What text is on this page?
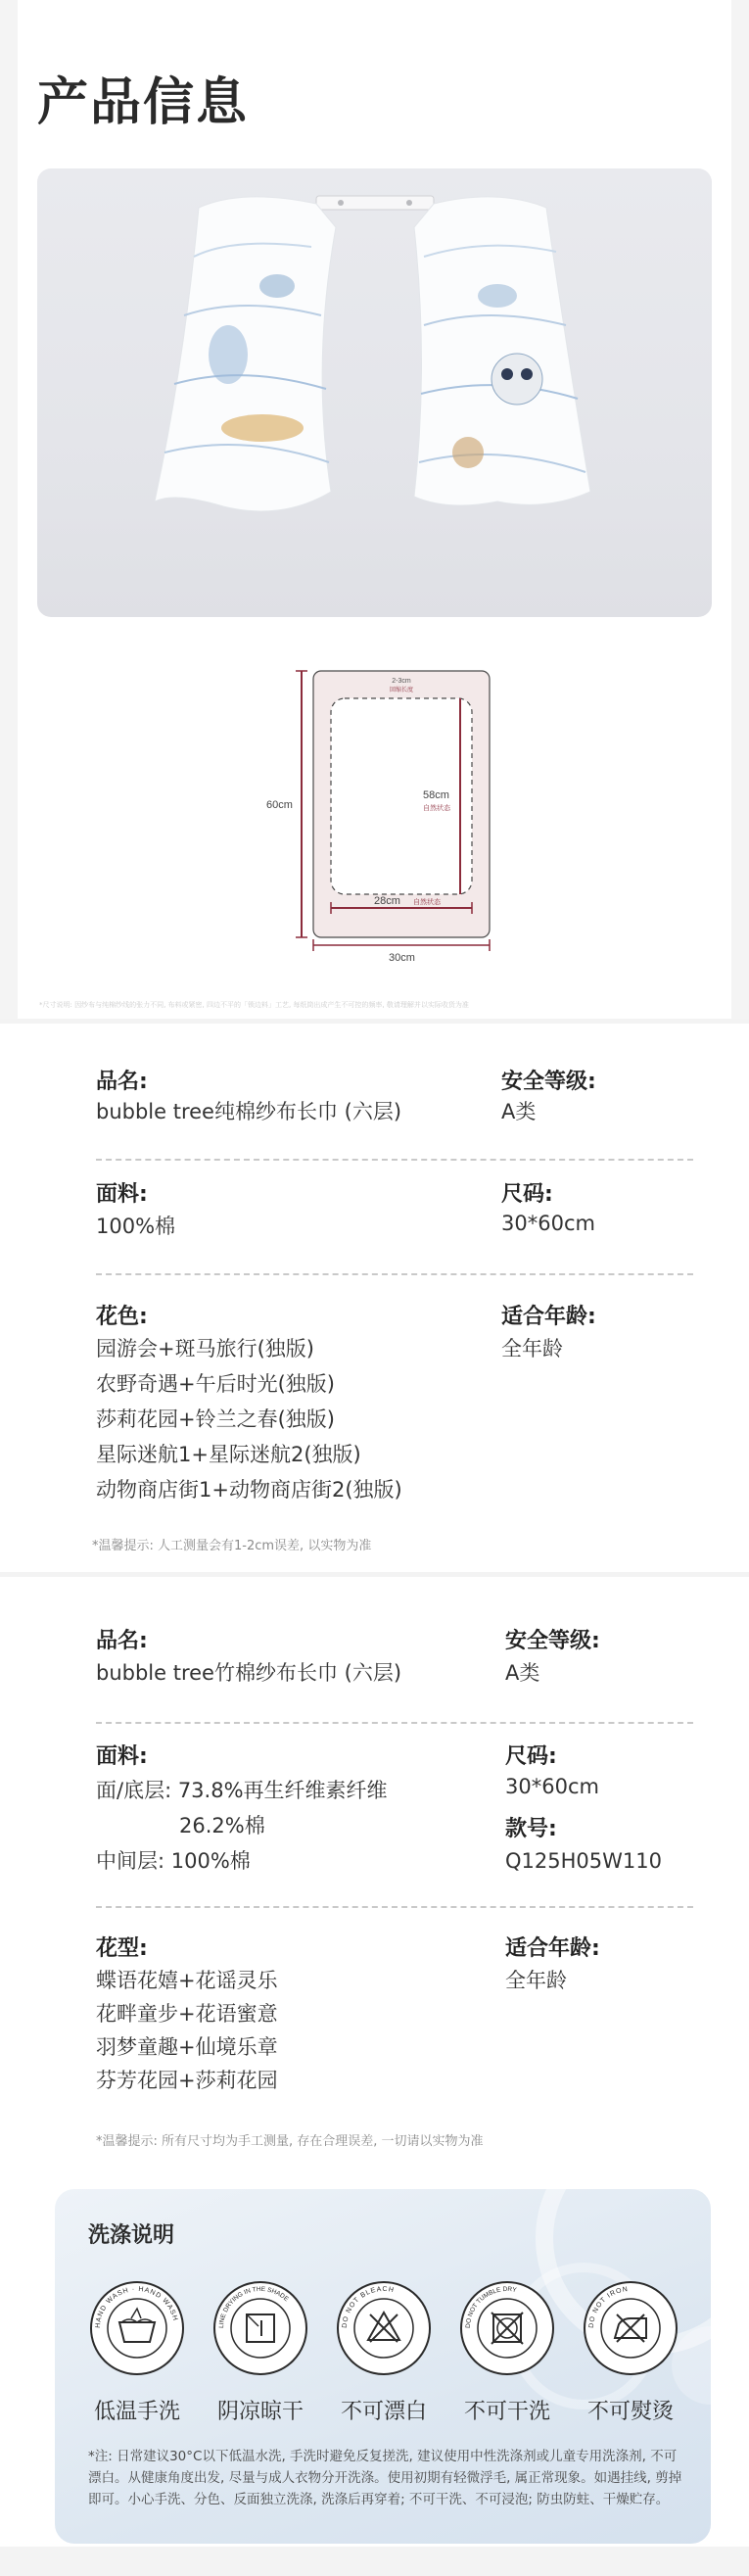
产品信息
2-3cm
回缩长度
60cm
58cm
自然状态
28cm 自然状态
30cm
*尺寸说明: 因纱布与纯棉纱线的张力不同, 布料或紧密, 四边不平的「锁边料」工艺, 每纸筒出成产生不可控的频率, 敬请理解并以实际收货为准
品名:
bubble tree纯棉纱布长巾 (六层)
安全等级:
A类
面料:
100%棉
尺码:
30*60cm
花色:
园游会+斑马旅行(独版)
农野奇遇+午后时光(独版)
莎莉花园+铃兰之春(独版)
星际迷航1+星际迷航2(独版)
动物商店街1+动物商店街2(独版)
适合年龄:
全年龄
*温馨提示: 人工测量会有1-2cm误差, 以实物为准
品名:
bubble tree竹棉纱布长巾 (六层)
安全等级:
A类
面料:
面/底层: 73.8%再生纤维素纤维
26.2%棉
中间层: 100%棉
尺码:
30*60cm
款号:
Q125H05W110
花型:
蝶语花嬉+花谣灵乐
花畔童步+花语蜜意
羽梦童趣+仙境乐章
芬芳花园+莎莉花园
适合年龄:
全年龄
*温馨提示: 所有尺寸均为手工测量, 存在合理误差, 一切请以实物为准
洗涤说明
HAND WASH · HAND WASH
LINE DRYING IN THE SHADE
DO NOT BLEACH
DO NOT TUMBLE DRY
DO NOT IRON
低温手洗	阴凉晾干	不可漂白	不可干洗	不可熨烫
*注: 日常建议30°C以下低温水洗, 手洗时避免反复搓洗, 建议使用中性洗涤剂或儿童专用洗涤剂, 不可漂白。从健康角度出发, 尽量与成人衣物分开洗涤。使用初期有轻微浮毛, 属正常现象。如遇挂线, 剪掉即可。小心手洗、分色、反面独立洗涤, 洗涤后再穿着; 不可干洗、不可浸泡; 防虫防蛀、干燥贮存。
